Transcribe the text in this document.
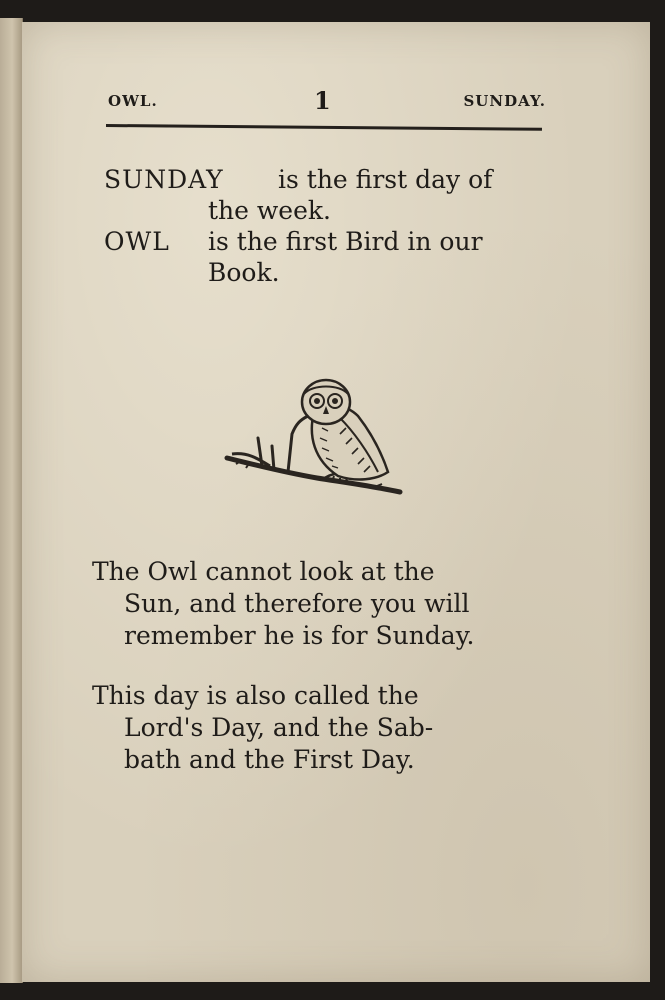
OWL.	1	SUNDAY.
SUNDAY is the first day of
the week.
OWL is the first Bird in our
Book.
The Owl cannot look at the
Sun, and therefore you will
remember he is for Sunday.
This day is also called the
Lord's Day, and the Sab-
bath and the First Day.
